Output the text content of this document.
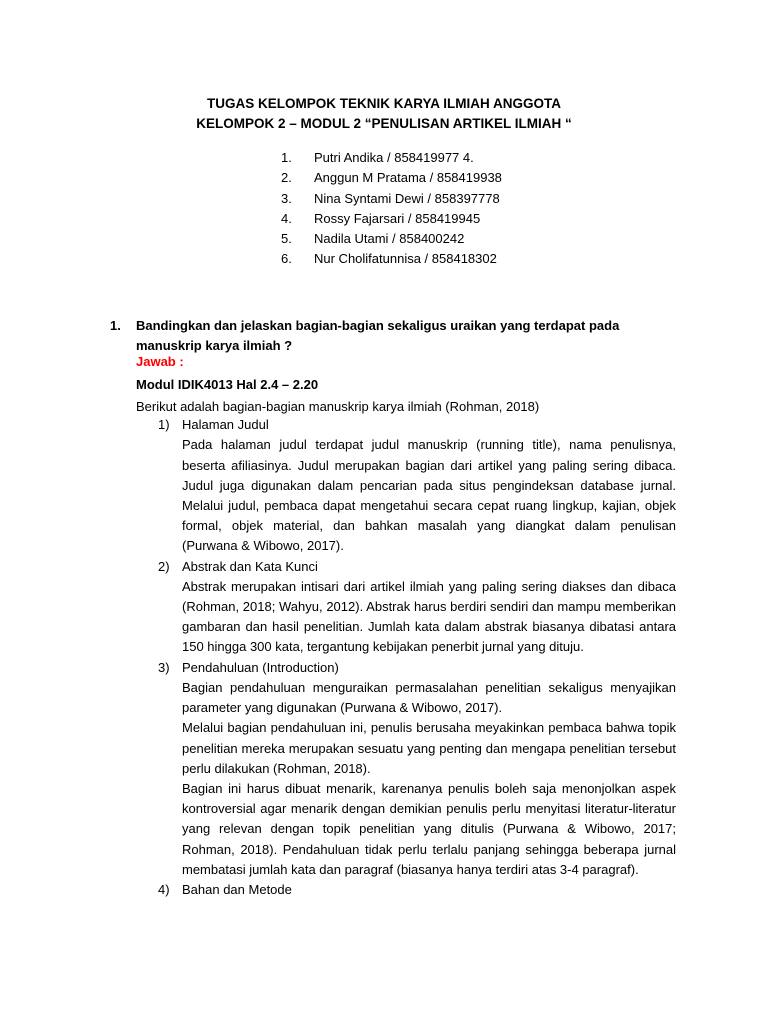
TUGAS KELOMPOK TEKNIK KARYA ILMIAH ANGGOTA
KELOMPOK 2 – MODUL 2 “PENULISAN ARTIKEL ILMIAH “
1.	Putri Andika / 858419977 4.
2.	Anggun M Pratama / 858419938
3.	Nina Syntami Dewi / 858397778
4.	Rossy Fajarsari / 858419945
5.	Nadila Utami / 858400242
6.	Nur Cholifatunnisa / 858418302
1. Bandingkan dan jelaskan bagian-bagian sekaligus uraikan yang terdapat pada manuskrip karya ilmiah ?
Jawab :
Modul IDIK4013 Hal 2.4 – 2.20
Berikut adalah bagian-bagian manuskrip karya ilmiah (Rohman, 2018)
1) Halaman Judul

Pada halaman judul terdapat judul manuskrip (running title), nama penulisnya, beserta afiliasinya. Judul merupakan bagian dari artikel yang paling sering dibaca. Judul juga digunakan dalam pencarian pada situs pengindeksan database jurnal. Melalui judul, pembaca dapat mengetahui secara cepat ruang lingkup, kajian, objek formal, objek material, dan bahkan masalah yang diangkat dalam penulisan (Purwana & Wibowo, 2017).

2) Abstrak dan Kata Kunci

Abstrak merupakan intisari dari artikel ilmiah yang paling sering diakses dan dibaca (Rohman, 2018; Wahyu, 2012). Abstrak harus berdiri sendiri dan mampu memberikan gambaran dan hasil penelitian. Jumlah kata dalam abstrak biasanya dibatasi antara 150 hingga 300 kata, tergantung kebijakan penerbit jurnal yang dituju.

3) Pendahuluan (Introduction)

Bagian pendahuluan menguraikan permasalahan penelitian sekaligus menyajikan parameter yang digunakan (Purwana & Wibowo, 2017).

Melalui bagian pendahuluan ini, penulis berusaha meyakinkan pembaca bahwa topik penelitian mereka merupakan sesuatu yang penting dan mengapa penelitian tersebut perlu dilakukan (Rohman, 2018).

Bagian ini harus dibuat menarik, karenanya penulis boleh saja menonjolkan aspek kontroversial agar menarik dengan demikian penulis perlu menyitasi literatur-literatur yang relevan dengan topik penelitian yang ditulis (Purwana & Wibowo, 2017; Rohman, 2018). Pendahuluan tidak perlu terlalu panjang sehingga beberapa jurnal membatasi jumlah kata dan paragraf (biasanya hanya terdiri atas 3-4 paragraf).

4) Bahan dan Metode
